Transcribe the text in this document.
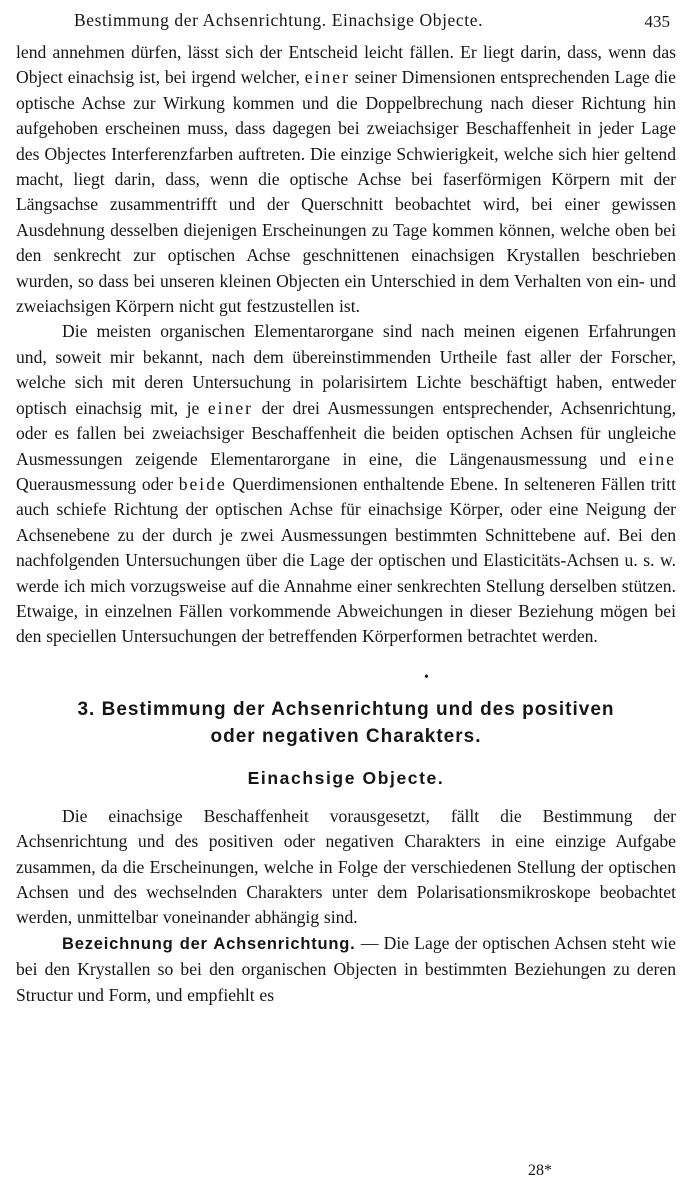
Bestimmung der Achsenrichtung. Einachsige Objecte.	435

lend annehmen dürfen, lässt sich der Entscheid leicht fällen. Er liegt darin, dass, wenn das Object einachsig ist, bei irgend welcher, einer seiner Dimensionen entsprechenden Lage die optische Achse zur Wirkung kommen und die Doppelbrechung nach dieser Richtung hin aufgehoben erscheinen muss, dass dagegen bei zweiachsiger Beschaffenheit in jeder Lage des Objectes Interferenzfarben auftreten. Die einzige Schwierigkeit, welche sich hier geltend macht, liegt darin, dass, wenn die optische Achse bei faserförmigen Körpern mit der Längsachse zusammentrifft und der Querschnitt beobachtet wird, bei einer gewissen Ausdehnung desselben diejenigen Erscheinungen zu Tage kommen können, welche oben bei den senkrecht zur optischen Achse geschnittenen einachsigen Krystallen beschrieben wurden, so dass bei unseren kleinen Objecten ein Unterschied in dem Verhalten von ein- und zweiachsigen Körpern nicht gut festzustellen ist.

Die meisten organischen Elementarorgane sind nach meinen eigenen Erfahrungen und, soweit mir bekannt, nach dem übereinstimmenden Urtheile fast aller der Forscher, welche sich mit deren Untersuchung in polarisirtem Lichte beschäftigt haben, entweder optisch einachsig mit, je einer der drei Ausmessungen entsprechender, Achsenrichtung, oder es fallen bei zweiachsiger Beschaffenheit die beiden optischen Achsen für ungleiche Ausmessungen zeigende Elementarorgane in eine, die Längenausmessung und eine Querausmessung oder beide Querdimensionen enthaltende Ebene. In selteneren Fällen tritt auch schiefe Richtung der optischen Achse für einachsige Körper, oder eine Neigung der Achsenebene zu der durch je zwei Ausmessungen bestimmten Schnittebene auf. Bei den nachfolgenden Untersuchungen über die Lage der optischen und Elasticitäts-Achsen u. s. w. werde ich mich vorzugsweise auf die Annahme einer senkrechten Stellung derselben stützen. Etwaige, in einzelnen Fällen vorkommende Abweichungen in dieser Beziehung mögen bei den speciellen Untersuchungen der betreffenden Körperformen betrachtet werden.

•
3. Bestimmung der Achsenrichtung und des positiven
oder negativen Charakters.
Einachsige Objecte.

Die einachsige Beschaffenheit vorausgesetzt, fällt die Bestimmung der Achsenrichtung und des positiven oder negativen Charakters in eine einzige Aufgabe zusammen, da die Erscheinungen, welche in Folge der verschiedenen Stellung der optischen Achsen und des wechselnden Charakters unter dem Polarisationsmikroskope beobachtet werden, unmittelbar voneinander abhängig sind.

Bezeichnung der Achsenrichtung. — Die Lage der optischen Achsen steht wie bei den Krystallen so bei den organischen Objecten in bestimmten Beziehungen zu deren Structur und Form, und empfiehlt es

28*
